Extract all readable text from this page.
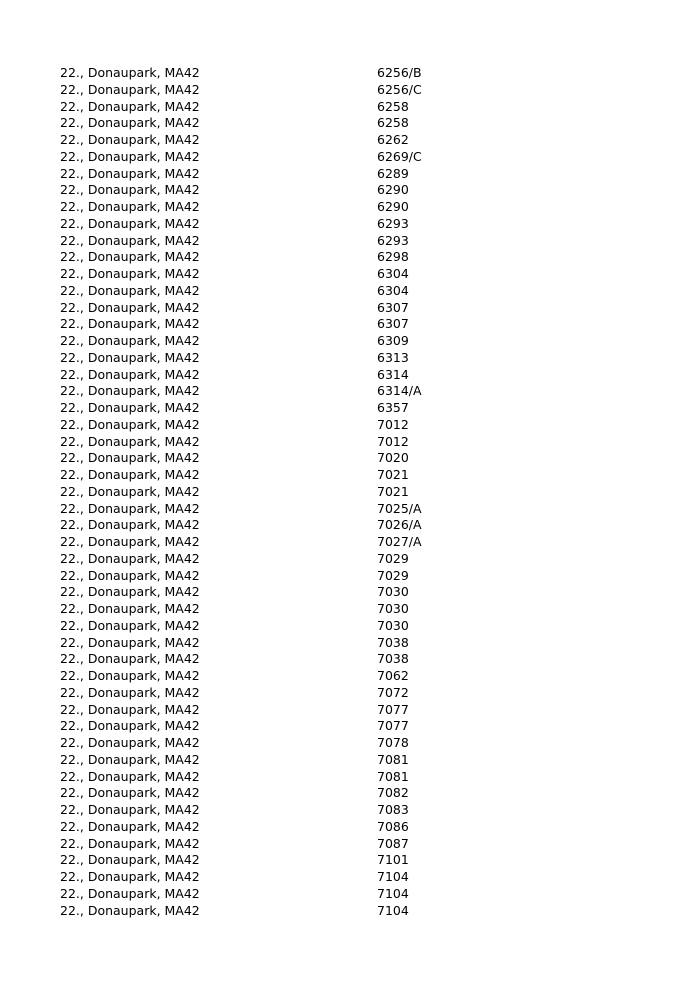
22., Donaupark, MA42	6256/B
22., Donaupark, MA42	6256/C
22., Donaupark, MA42	6258
22., Donaupark, MA42	6258
22., Donaupark, MA42	6262
22., Donaupark, MA42	6269/C
22., Donaupark, MA42	6289
22., Donaupark, MA42	6290
22., Donaupark, MA42	6290
22., Donaupark, MA42	6293
22., Donaupark, MA42	6293
22., Donaupark, MA42	6298
22., Donaupark, MA42	6304
22., Donaupark, MA42	6304
22., Donaupark, MA42	6307
22., Donaupark, MA42	6307
22., Donaupark, MA42	6309
22., Donaupark, MA42	6313
22., Donaupark, MA42	6314
22., Donaupark, MA42	6314/A
22., Donaupark, MA42	6357
22., Donaupark, MA42	7012
22., Donaupark, MA42	7012
22., Donaupark, MA42	7020
22., Donaupark, MA42	7021
22., Donaupark, MA42	7021
22., Donaupark, MA42	7025/A
22., Donaupark, MA42	7026/A
22., Donaupark, MA42	7027/A
22., Donaupark, MA42	7029
22., Donaupark, MA42	7029
22., Donaupark, MA42	7030
22., Donaupark, MA42	7030
22., Donaupark, MA42	7030
22., Donaupark, MA42	7038
22., Donaupark, MA42	7038
22., Donaupark, MA42	7062
22., Donaupark, MA42	7072
22., Donaupark, MA42	7077
22., Donaupark, MA42	7077
22., Donaupark, MA42	7078
22., Donaupark, MA42	7081
22., Donaupark, MA42	7081
22., Donaupark, MA42	7082
22., Donaupark, MA42	7083
22., Donaupark, MA42	7086
22., Donaupark, MA42	7087
22., Donaupark, MA42	7101
22., Donaupark, MA42	7104
22., Donaupark, MA42	7104
22., Donaupark, MA42	7104
